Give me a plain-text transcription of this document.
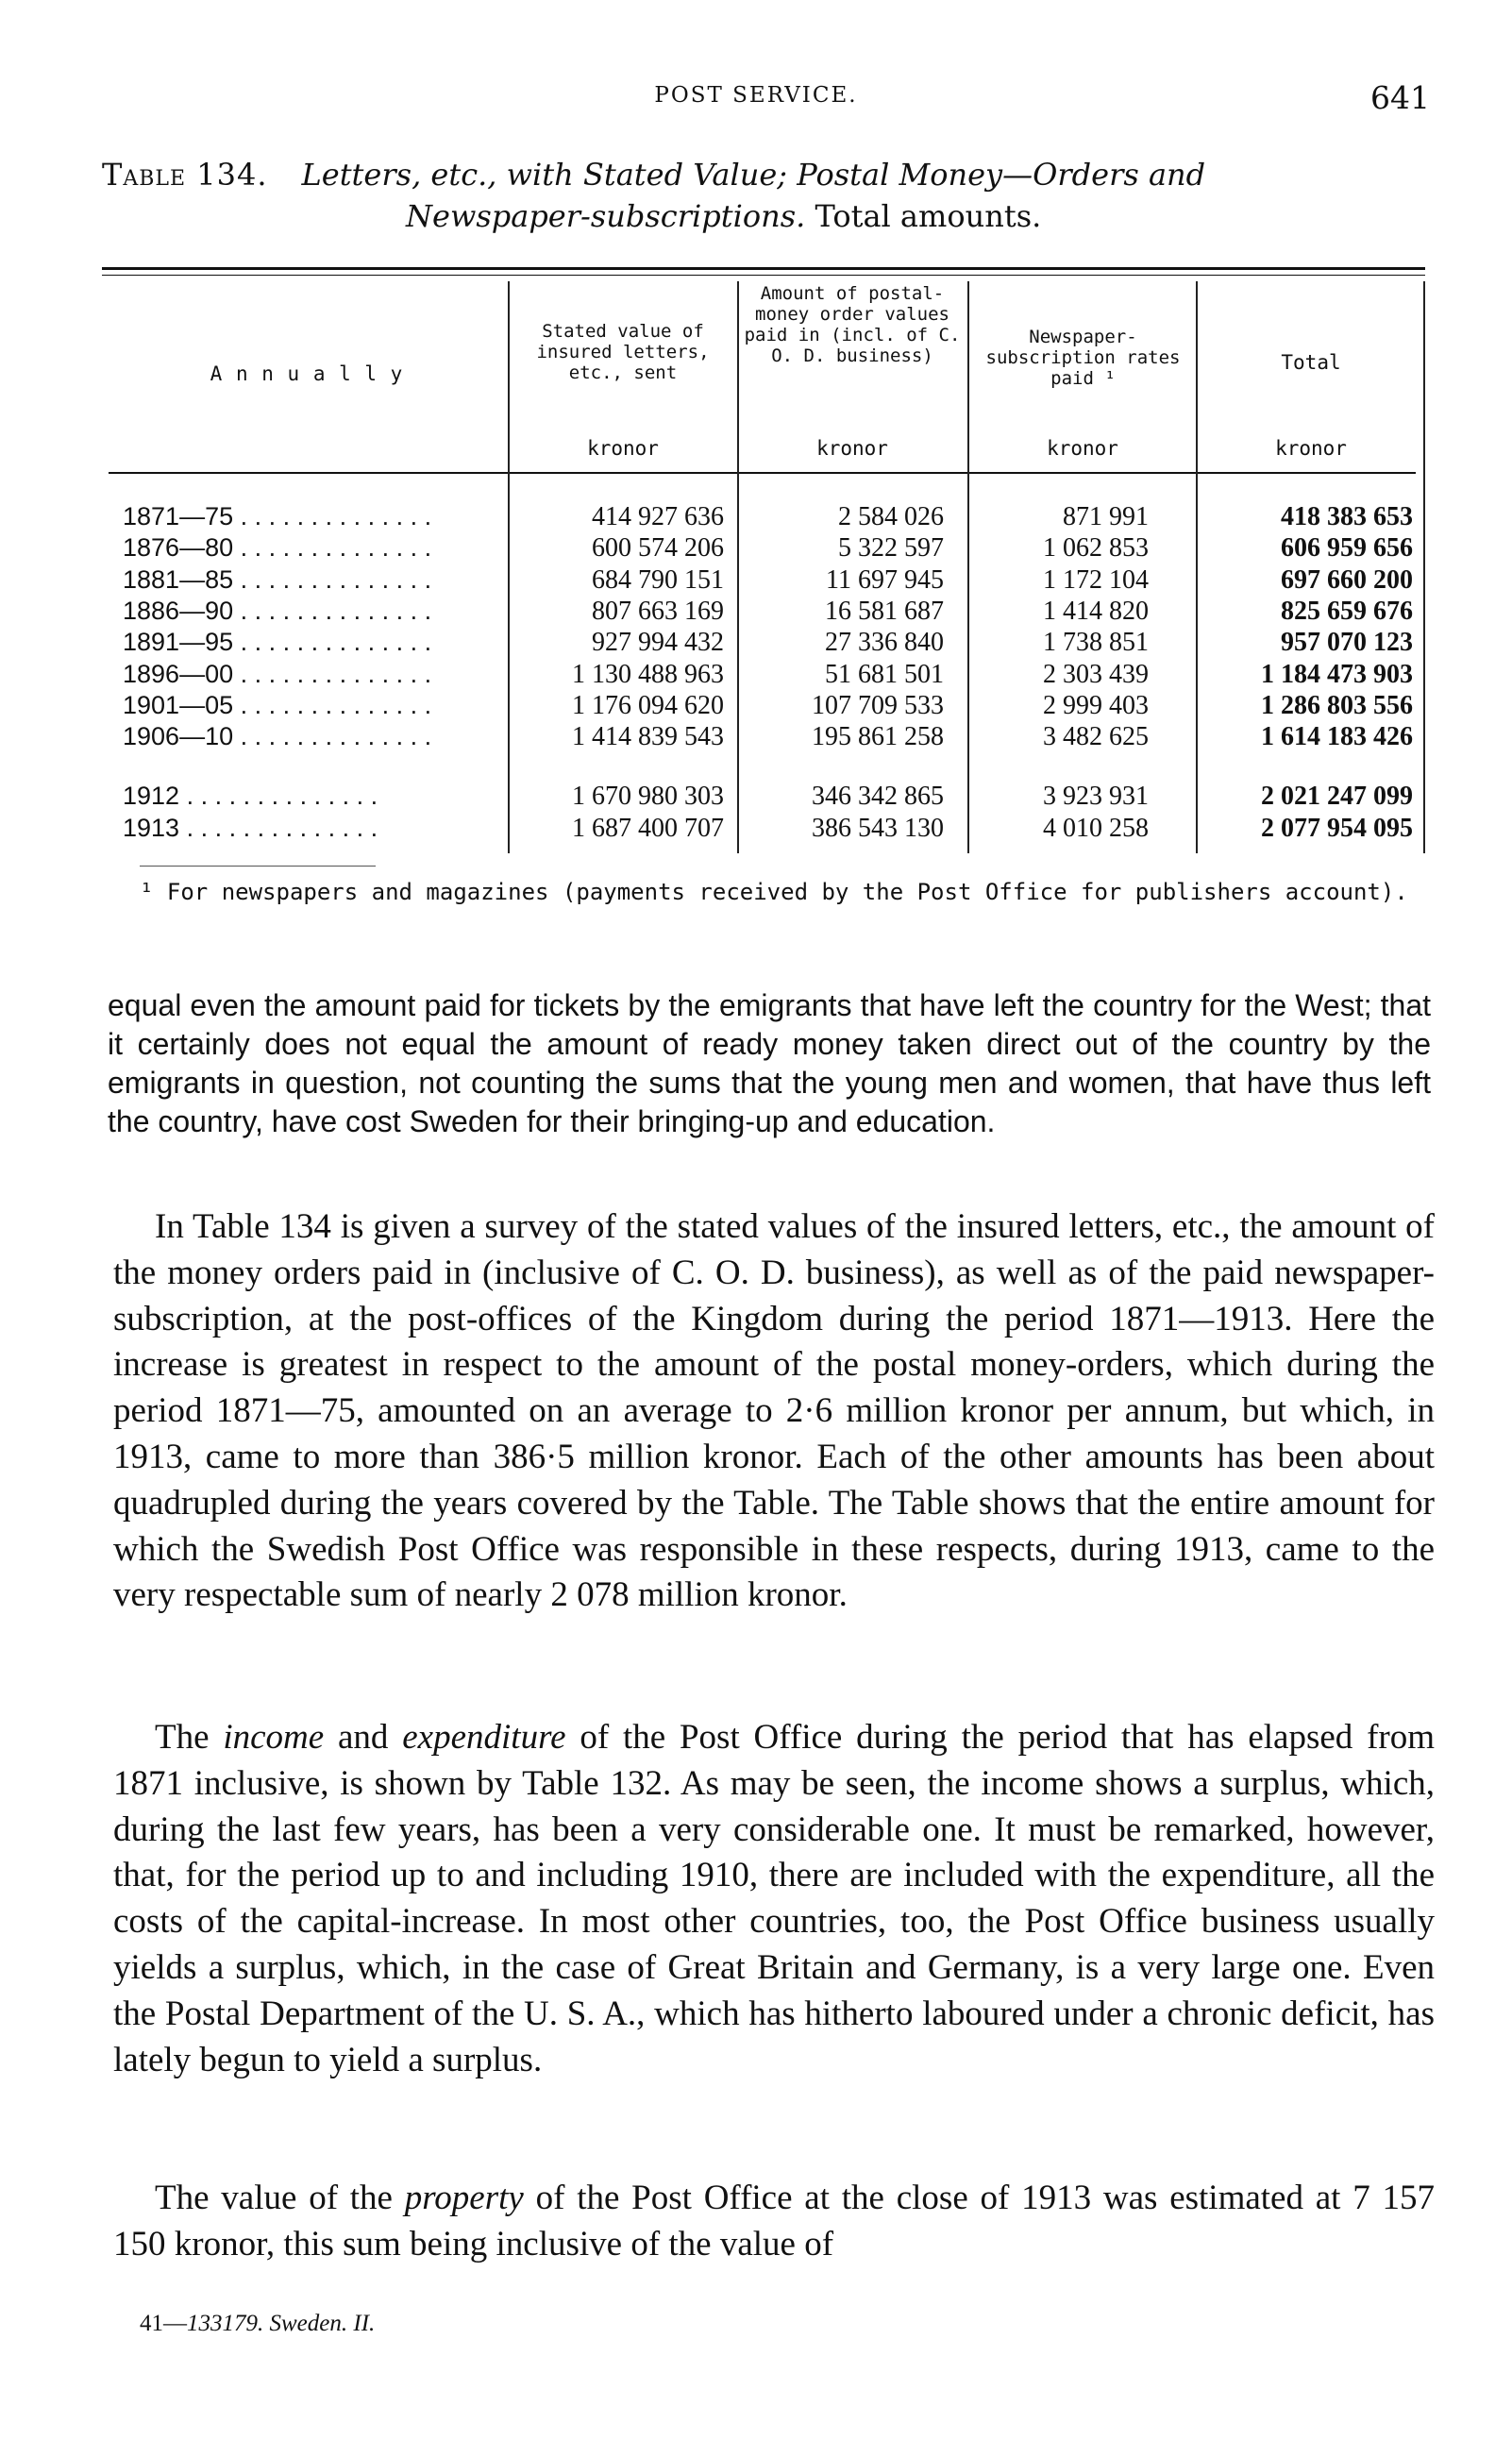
POST SERVICE.	641
Table 134. Letters, etc., with Stated Value; Postal Money—Orders and
Newspaper-subscriptions. Total amounts.
A n n u a l l y
Stated value of insured letters, etc., sent
Amount of postal-money order values paid in (incl. of C. O. D. business)
Newspaper-subscription rates paid ¹
Total
kronor	kronor	kronor	kronor
1871—75 . . . . . . . . . . . . . .	414 927 636	2 584 026	871 991	418 383 653
1876—80 . . . . . . . . . . . . . .	600 574 206	5 322 597	1 062 853	606 959 656
1881—85 . . . . . . . . . . . . . .	684 790 151	11 697 945	1 172 104	697 660 200
1886—90 . . . . . . . . . . . . . .	807 663 169	16 581 687	1 414 820	825 659 676
1891—95 . . . . . . . . . . . . . .	927 994 432	27 336 840	1 738 851	957 070 123
1896—00 . . . . . . . . . . . . . .	1 130 488 963	51 681 501	2 303 439	1 184 473 903
1901—05 . . . . . . . . . . . . . .	1 176 094 620	107 709 533	2 999 403	1 286 803 556
1906—10 . . . . . . . . . . . . . .	1 414 839 543	195 861 258	3 482 625	1 614 183 426
1912 . . . . . . . . . . . . . .	1 670 980 303	346 342 865	3 923 931	2 021 247 099
1913 . . . . . . . . . . . . . .	1 687 400 707	386 543 130	4 010 258	2 077 954 095
¹ For newspapers and magazines (payments received by the Post Office for publishers account).
equal even the amount paid for tickets by the emigrants that have left the country for the West; that it certainly does not equal the amount of ready money taken direct out of the country by the emigrants in question, not counting the sums that the young men and women, that have thus left the country, have cost Sweden for their bringing-up and education.
In Table 134 is given a survey of the stated values of the insured letters, etc., the amount of the money orders paid in (inclusive of C. O. D. business), as well as of the paid newspaper-subscription, at the post-offices of the Kingdom during the period 1871—1913. Here the increase is greatest in respect to the amount of the postal money-orders, which during the period 1871—75, amounted on an average to 2·6 million kronor per annum, but which, in 1913, came to more than 386·5 million kronor. Each of the other amounts has been about quadrupled during the years covered by the Table. The Table shows that the entire amount for which the Swedish Post Office was responsible in these respects, during 1913, came to the very respectable sum of nearly 2 078 million kronor.
The income and expenditure of the Post Office during the period that has elapsed from 1871 inclusive, is shown by Table 132. As may be seen, the income shows a surplus, which, during the last few years, has been a very considerable one. It must be remarked, however, that, for the period up to and including 1910, there are included with the expenditure, all the costs of the capital-increase. In most other countries, too, the Post Office business usually yields a surplus, which, in the case of Great Britain and Germany, is a very large one. Even the Postal Department of the U. S. A., which has hitherto laboured under a chronic deficit, has lately begun to yield a surplus.
The value of the property of the Post Office at the close of 1913 was estimated at 7 157 150 kronor, this sum being inclusive of the value of
41—133179. Sweden. II.
